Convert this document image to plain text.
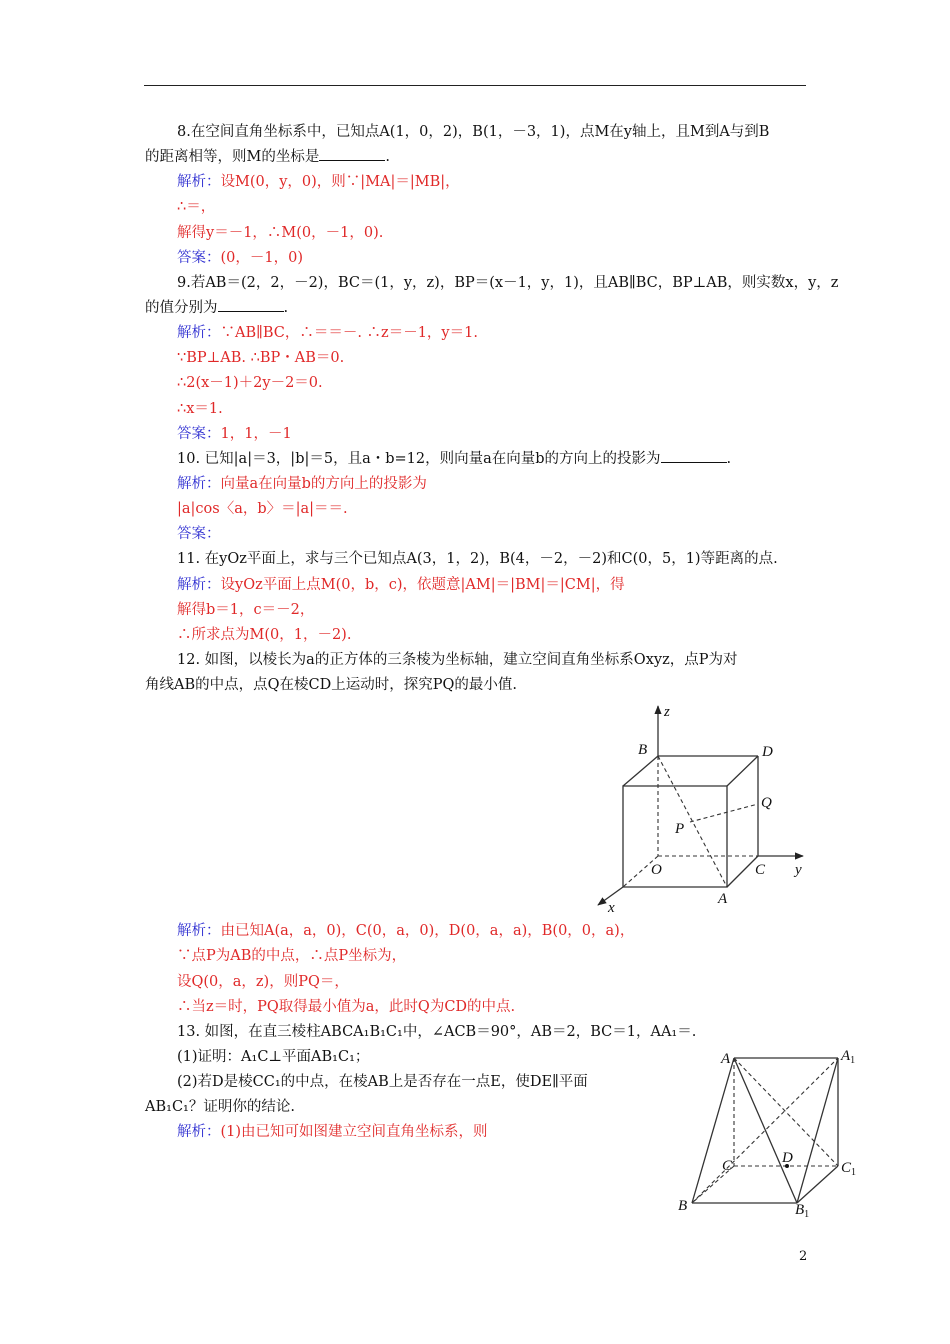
8.在空间直角坐标系中，已知点A(1，0，2)，B(1，－3，1)，点M在y轴上，且M到A与到B
的距离相等，则M的坐标是	.
解析：设M(0，y，0)，则∵|MA|＝|MB|，
∴＝，
解得y＝－1，∴M(0，－1，0).
答案：(0，－1，0)
9.若AB＝(2，2，－2)，BC＝(1，y，z)，BP＝(x－1，y，1)，且AB∥BC，BP⊥AB，则实数x，y，z
的值分别为	.
解析：∵AB∥BC，∴＝＝－. ∴z＝－1，y＝1.
∵BP⊥AB. ∴BP・AB＝0.
∴2(x－1)＋2y－2＝0.
∴x＝1.
答案：1，1，－1
10. 已知|a|＝3，|b|＝5，且a・b=12，则向量a在向量b的方向上的投影为	.
解析：向量a在向量b的方向上的投影为
|a|cos〈a，b〉＝|a|＝＝.
答案：
11. 在yOz平面上，求与三个已知点A(3，1，2)，B(4，－2，－2)和C(0，5，1)等距离的点.
解析：设yOz平面上点M(0，b，c)，依题意|AM|＝|BM|＝|CM|，得
解得b＝1，c＝－2，
∴所求点为M(0，1，－2).
12. 如图，以棱长为a的正方体的三条棱为坐标轴，建立空间直角坐标系Oxyz，点P为对
角线AB的中点，点Q在棱CD上运动时，探究PQ的最小值.
解析：由已知A(a，a，0)，C(0，a，0)，D(0，a，a)，B(0，0，a)，
∵点P为AB的中点，∴点P坐标为，
设Q(0，a，z)，则PQ＝，
∴当z＝时，PQ取得最小值为a，此时Q为CD的中点.
13. 如图，在直三棱柱ABCA₁B₁C₁中，∠ACB＝90°，AB＝2，BC＝1，AA₁＝.
(1)证明：A₁C⊥平面AB₁C₁；
(2)若D是棱CC₁的中点，在棱AB上是否存在一点E，使DE∥平面
AB₁C₁？证明你的结论.
解析：(1)由已知可如图建立空间直角坐标系，则
z
B	D
Q
P
O	C y
A
x
A	$A_1$
C	$C_1$
D
B	$B_1$
2
